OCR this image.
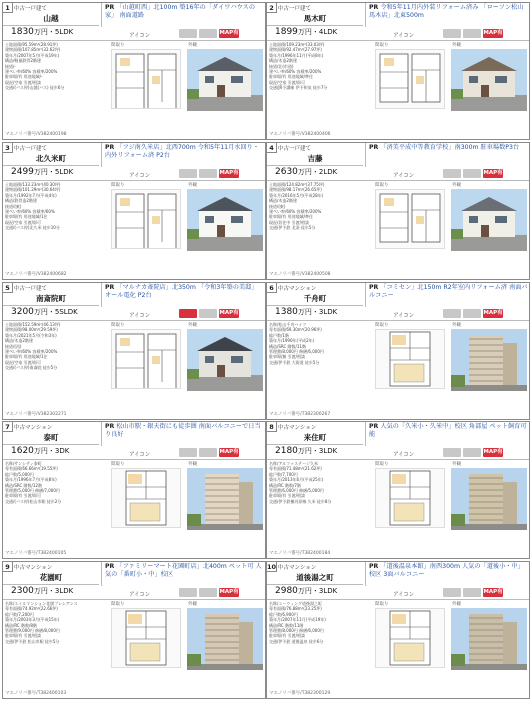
1 中古一戸建て
山越
1830万円・5LDK
PR 「山越町西」北100m 築16年の「ダイワハウスの家」 南面道路
アイコン	MAP有
土地面積/95.59m²(28.91坪)
建物面積/107.85m²(32.62坪)
築年月/2007年5月(平成19年)
構造/軽量鉄骨2階建
接道/-
建ぺい率/60% 容積率/200%
駐車場/有 用途地域/-
現況/空家 引渡/相談
交通/(バス停)山越(バス) 徒歩6分
間取り	外観
マエノリバ番号/V382400198
2 中古一戸建て
馬木町
1899万円・4LDK
PR 令和5年11月内外装リフォーム済み 「ローソン松山馬木店」北東500m
アイコン	MAP有
土地面積/109.23m²(33.03坪)
建物面積/92.47m²(27.97坪)
築年月/1996年11月(平成8年)
構造/木造2階建
接道/北(市道)
建ぺい率/60% 容積率/200%
駐車場/有 用途地域/準住
現況/空家 引渡/即可
交通/JR予讃線 伊予和気 徒歩7分
間取り	外観
マエノリバ番号/V382400406
3 中古一戸建て
北久米町
2499万円・5LDK
PR 「フジ南久米店」北西700m 令和5年11月水回り・内外リフォーム済 P2台
アイコン	MAP有
土地面積/133.23m²(40.30坪)
建物面積/101.29m²(30.64坪)
築年月/1992年7月(平成4年)
構造/鉄骨造2階建
接道/(東)
建ぺい率/60% 容積率/60%
駐車場/有 用途地域/1住
現況/空家 引渡/即可
交通/(バス停)北久米 徒歩10分
間取り	外観
マエノリバ番号/V382400682
4 中古一戸建て
吉藤
2630万円・2LDK
PR 「済美平成中等教育学校」南300m 駐車場数P3台
アイコン	MAP有
土地面積/124.82m²(37.75坪)
建物面積/98.17m²(26.65坪)
築年月/2016年5月(平成28年)
構造/木造2階建
接道/(東)
建ぺい率/60% 容積率/200%
駐車場/有 用途地域/準住
現況/居住中 引渡/相談
交通/伊予鉄 北条 徒歩5分
間取り	外観
マエノリバ番号/V382400508
5 中古一戸建て
南斎院町
3200万円・5SLDK
PR 「マルナカ斎院店」北350m 「令和3年築の美邸」 オール電化 P2台
アイコン	MAP有
土地面積/152.59m²(46.13坪)
建物面積/98.00m²(29.59坪)
築年月/2021年5月(令和3年)
構造/木造2階建
接道/(西)
建ぺい率/60% 容積率/200%
駐車場/有 用途地域/1住
現況/空家 引渡/即可
交通/(バス停)南斎院 徒歩5分
間取り	外観
マエノリバ番号/V382302271
6 中古マンション
千舟町
1380万円・3LDK
PR 「コミセン」北150m R2年室内リフォーム済 南面バルコニー
アイコン	MAP有
名称/松山千舟ハイツ
専有面積/69.30m²(20.96坪)
総戸数/1階
築年月/1990年(平成2年)
構造/SRC 階数/11階
管理費/8,000円 修繕/6,000円
駐車場/無 引渡/相談
交通/伊予鉄 大街道 徒歩5分
間取り	外観
マエノリバ番号/T382300267
7 中古マンション
泰町
1620万円・3DK
PR 松山市駅・銀天街にも徒歩圏 南面バルコニーで日当り良好
アイコン	MAP有
名称/サンシティ泰町
専有面積/66.66m²(19.55坪)
総戸数/5,000円
築年月/1996年7月(平成8年)
構造/SRC 階数/12階
管理費/5,000円 修繕/7,000円
駐車場/有 引渡/即可
交通/(バス停)松山市駅 徒歩2分
間取り	外観
マエノリバ番号/T382400105
8 中古マンション
来住町
2180万円・3LDK
PR 人気の「久米小・久米中」校区 角部屋 ペット飼育可能
アイコン	MAP有
名称/アルファステージ久米
専有面積/71.48m²(21.62坪)
総戸数/7,700円
築年月/2013年6月(平成25年)
構造/RC 階数/7階
管理費/6,000円 修繕/5,000円
駐車場/有 引渡/相談
交通/伊予鉄横河原線 久米 徒歩8分
間取り	外観
マエノリバ番号/T382400184
9 中古マンション
花園町
2300万円・3LDK
PR 「ファミリーマート花園町店」北400m ペット可 人気の「番町小・中」校区
アイコン	MAP有
名称/エイルマンション花園プレシアンス
専有面積/74.92m²(22.66坪)
総戸数/7,200円
築年月/2003年3月(平成15年)
構造/RC 階数/8階
管理費/9,000円 修繕/8,000円
駐車場/有 引渡/相談
交通/伊予鉄 松山市駅 徒歩5分
間取り	外観
マエノリバ番号/T382400103
10 中古マンション
道後湯之町
2980万円・3LDK
PR 「道後温泉本館」南西300m 人気の「道後小・中」校区 3面バルコニー
アイコン	MAP有
名称/ユーウィング道後湯之町
専有面積/76.88m²(23.25坪)
総戸数/6,900円
築年月/2007年11月(平成19年)
構造/RC 階数/11階
管理費/8,000円 修繕/6,000円
駐車場/有 引渡/相談
交通/伊予鉄 道後温泉 徒歩6分
間取り	外観
マエノリバ番号/T382300129
